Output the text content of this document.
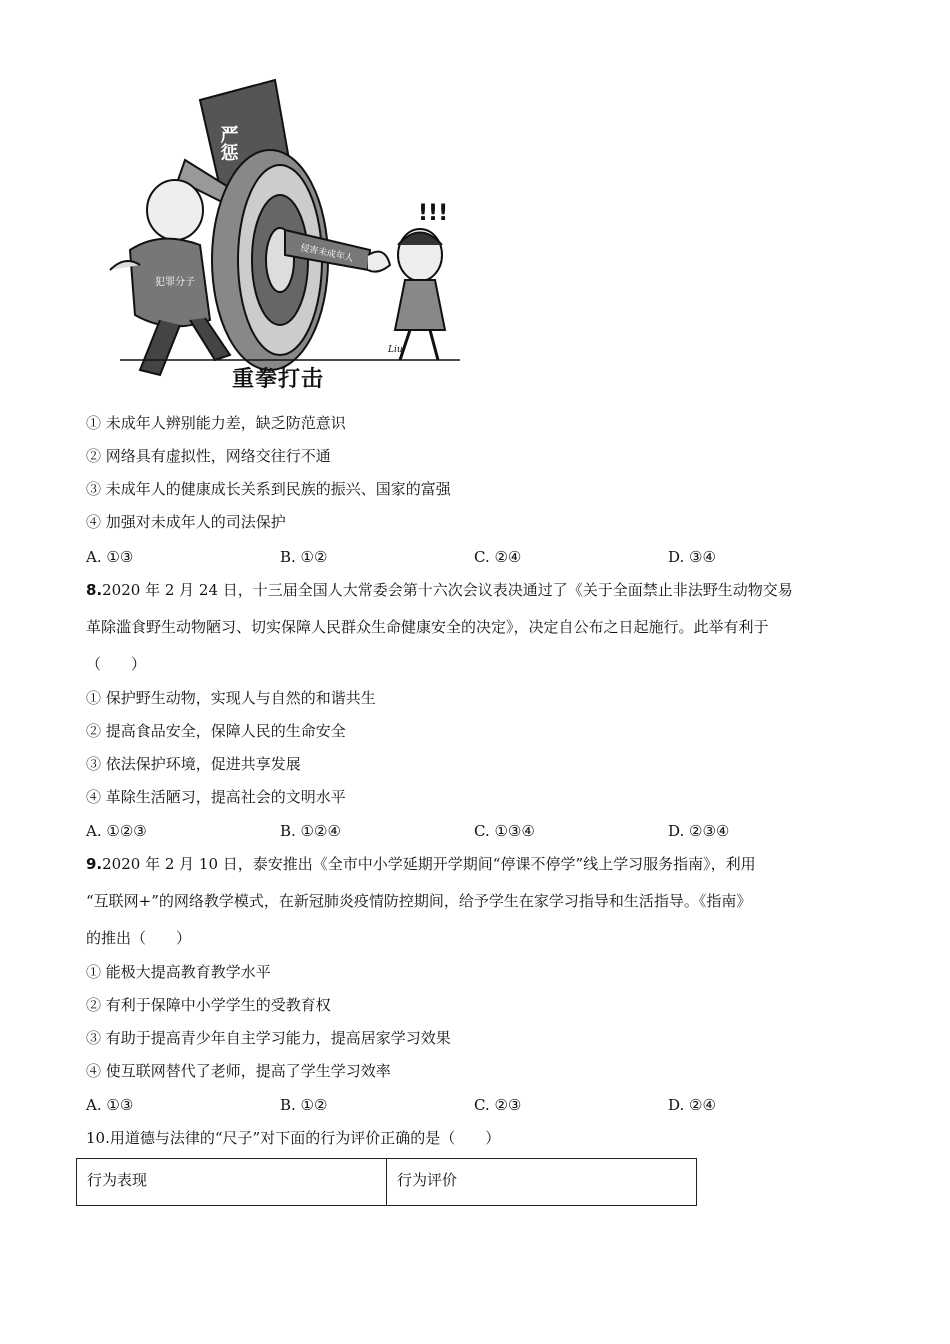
严惩
犯罪分子
侵害未成年人
!!!
Liu
重拳打击
① 未成年人辨别能力差，缺乏防范意识
② 网络具有虚拟性，网络交往行不通
③ 未成年人的健康成长关系到民族的振兴、国家的富强
④ 加强对未成年人的司法保护
A. ①③	B. ①②	C. ②④	D. ③④
8.2020 年 2 月 24 日，十三届全国人大常委会第十六次会议表决通过了《关于全面禁止非法野生动物交易
革除滥食野生动物陋习、切实保障人民群众生命健康安全的决定》，决定自公布之日起施行。此举有利于
（　　）
① 保护野生动物，实现人与自然的和谐共生
② 提高食品安全，保障人民的生命安全
③ 依法保护环境，促进共享发展
④ 革除生活陋习，提高社会的文明水平
A. ①②③	B. ①②④	C. ①③④	D. ②③④
9.2020 年 2 月 10 日，泰安推出《全市中小学延期开学期间“停课不停学”线上学习服务指南》，利用
“互联网+”的网络教学模式，在新冠肺炎疫情防控期间，给予学生在家学习指导和生活指导。《指南》
的推出（　　）
① 能极大提高教育教学水平
② 有利于保障中小学学生的受教育权
③ 有助于提高青少年自主学习能力，提高居家学习效果
④ 使互联网替代了老师，提高了学生学习效率
A. ①③	B. ①②	C. ②③	D. ②④
10.用道德与法律的“尺子”对下面的行为评价正确的是（　　）
行为表现	行为评价
